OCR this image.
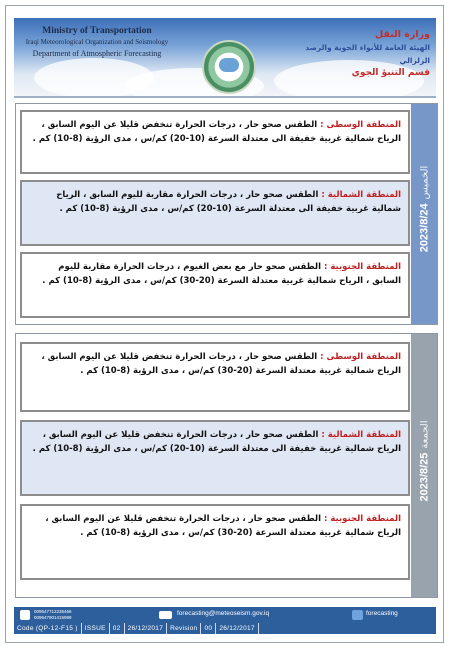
Ministry of Transportation
Iraqi Meteorological Organization and Seismology
Department of Atmospheric Forecasting
وزارة النقل
الهيئة العامة للأنواء الجوية والرصد الزلزالي
قسم التنبؤ الجوي
الخميس 2023/8/24
المنطقة الوسطى : الطقس صحو حار ، درجات الحرارة تنخفض قليلا عن اليوم السابق ، الرياح شمالية غربية خفيفة الى معتدلة السرعة (10-20) كم/س ، مدى الرؤية (8-10) كم .
المنطقة الشمالية : الطقس صحو حار ، درجات الحرارة مقاربة لليوم السابق ، الرياح شمالية غربية خفيفة الى معتدلة السرعة (10-20) كم/س ، مدى الرؤية (8-10) كم .
المنطقة الجنوبية : الطقس صحو حار مع بعض الغيوم ، درجات الحرارة مقاربة لليوم السابق ، الرياح شمالية غربية معتدلة السرعة (20-30) كم/س ، مدى الرؤية (8-10) كم .
الجمعة 2023/8/25
المنطقة الوسطى : الطقس صحو حار ، درجات الحرارة تنخفض قليلا عن اليوم السابق ، الرياح شمالية غربية معتدلة السرعة (20-30) كم/س ، مدى الرؤية (8-10) كم .
المنطقة الشمالية : الطقس صحو حار ، درجات الحرارة تنخفض قليلا عن اليوم السابق ، الرياح شمالية غربية خفيفة الى معتدلة السرعة (10-20) كم/س ، مدى الرؤية (8-10) كم .
المنطقة الجنوبية : الطقس صحو حار ، درجات الحرارة تنخفض قليلا عن اليوم السابق ، الرياح شمالية غربية معتدلة السرعة (20-30) كم/س ، مدى الرؤية (8-10) كم .
009647712236466
009647901415999
forecasting@meteoseism.gov.iq	forecasting
Code (QP-12-F15 ) ISSUE 02 26/12/2017 Revision 00 26/12/2017
